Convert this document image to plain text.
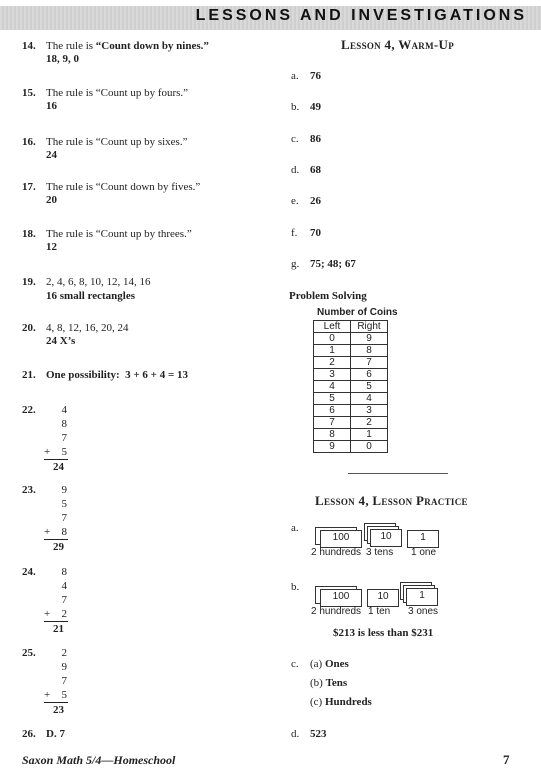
LESSONS AND INVESTIGATIONS
14. The rule is “Count down by nines.”
18, 9, 0
15. The rule is “Count up by fours.”
16
16. The rule is “Count up by sixes.”
24
17. The rule is “Count down by fives.”
20
18. The rule is “Count up by threes.”
12
19. 2, 4, 6, 8, 10, 12, 14, 16
16 small rectangles
20. 4, 8, 12, 16, 20, 24
24 X’s
21. One possibility:  3 + 6 + 4 = 13
22.	4
8
7
+	5
24
23.	9
5
7
+	8
29
24.	8
4
7
+	2
21
25.	2
9
7
+	5
23
26. D. 7
Lesson 4, Warm-Up
a. 76
b. 49
c. 86
d. 68
e. 26
f. 70
g. 75; 48; 67
Problem Solving
Number of Coins
Left	Right
0	9
1	8
2	7
3	6
4	5
5	4
6	3
7	2
8	1
9	0
Lesson 4, Lesson Practice
a.
100	10	1
2 hundreds 3 tens 1 one
b.
100	10	1
2 hundreds 1 ten 3 ones
$213 is less than $231
c. (a) Ones
(b) Tens
(c) Hundreds
d. 523
Saxon Math 5/4—Homeschool	7
